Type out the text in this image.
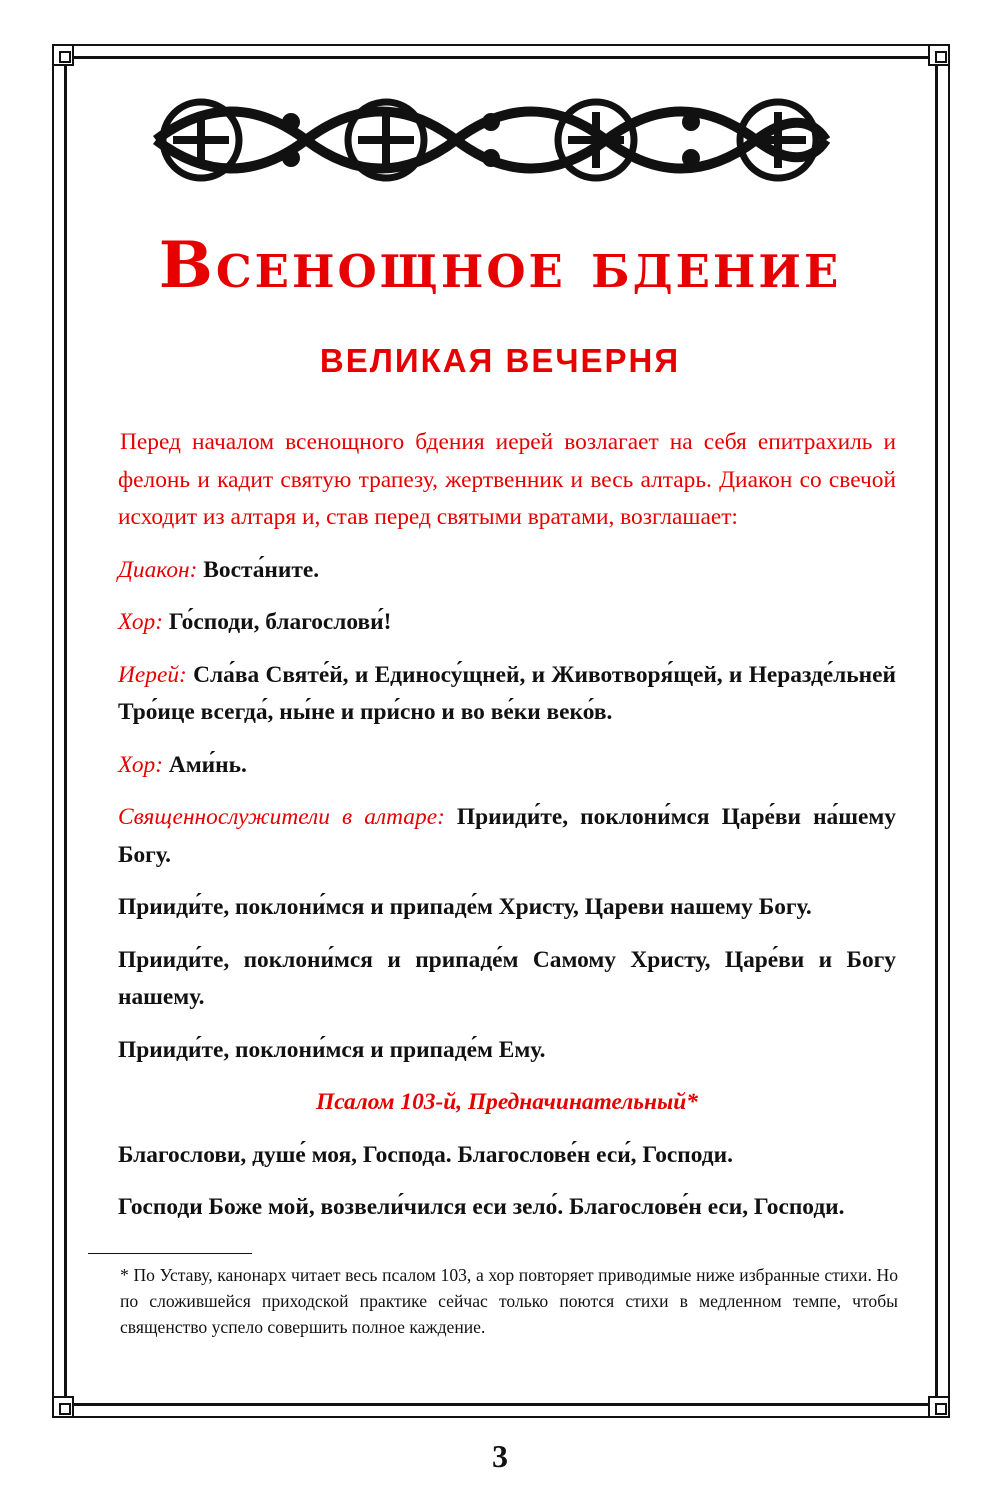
Всенощное бдение
ВЕЛИКАЯ ВЕЧЕРНЯ

Перед началом всенощного бдения иерей возлагает на себя епитрахиль и фелонь и кадит святую трапезу, жертвенник и весь алтарь. Диакон со свечой исходит из алтаря и, став перед святыми вратами, возглашает:

Диакон: Воста́ните.

Хор: Го́споди, благослови́!

Иерей: Сла́ва Святе́й, и Единосу́щней, и Животворя́щей, и Неразде́льней Тро́ице всегда́, ны́не и при́сно и во ве́ки веко́в.

Хор: Ами́нь.

Священнослужители в алтаре: Прииди́те, поклони́мся Царе́ви на́шему Богу.

Прииди́те, поклони́мся и припаде́м Христу, Цареви нашему Богу.

Прииди́те, поклони́мся и припаде́м Самому Христу, Царе́ви и Богу нашему.

Прииди́те, поклони́мся и припаде́м Ему.

Псалом 103-й, Предначинательный*

Благослови, душе́ моя, Господа. Благослове́н еси́, Господи.

Господи Боже мой, возвели́чился еси зело́. Благослове́н еси, Господи.

* По Уставу, канонарх читает весь псалом 103, а хор повторяет приводимые ниже избранные стихи. Но по сложившейся приходской практике сейчас только поются стихи в медленном темпе, чтобы священство успело совершить полное каждение.
3
